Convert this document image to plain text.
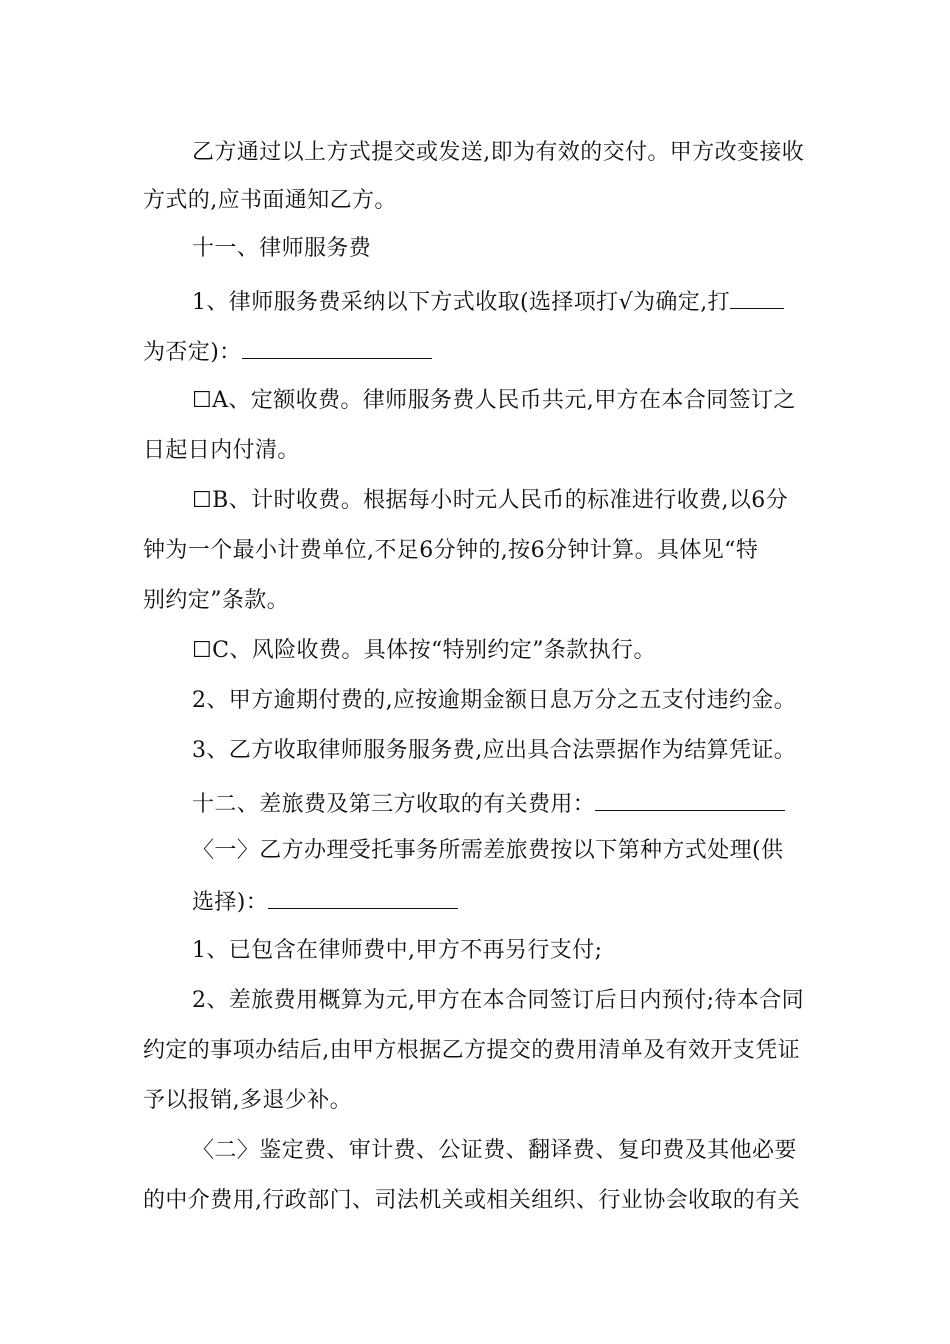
乙方通过以上方式提交或发送,即为有效的交付。甲方改变接收
方式的,应书面通知乙方。
十一、律师服务费
1、律师服务费采纳以下方式收取(选择项打√为确定,打
为否定)：
☐A、定额收费。律师服务费人民币共元,甲方在本合同签订之
日起日内付清。
☐B、计时收费。根据每小时元人民币的标准进行收费,以6分
钟为一个最小计费单位,不足6分钟的,按6分钟计算。具体见“特
别约定”条款。
☐C、风险收费。具体按“特别约定”条款执行。
2、甲方逾期付费的,应按逾期金额日息万分之五支付违约金。
3、乙方收取律师服务服务费,应出具合法票据作为结算凭证。
十二、差旅费及第三方收取的有关费用：
〈一〉乙方办理受托事务所需差旅费按以下第种方式处理(供
选择)：
1、已包含在律师费中,甲方不再另行支付;
2、差旅费用概算为元,甲方在本合同签订后日内预付;待本合同
约定的事项办结后,由甲方根据乙方提交的费用清单及有效开支凭证
予以报销,多退少补。
〈二〉鉴定费、审计费、公证费、翻译费、复印费及其他必要
的中介费用,行政部门、司法机关或相关组织、行业协会收取的有关
